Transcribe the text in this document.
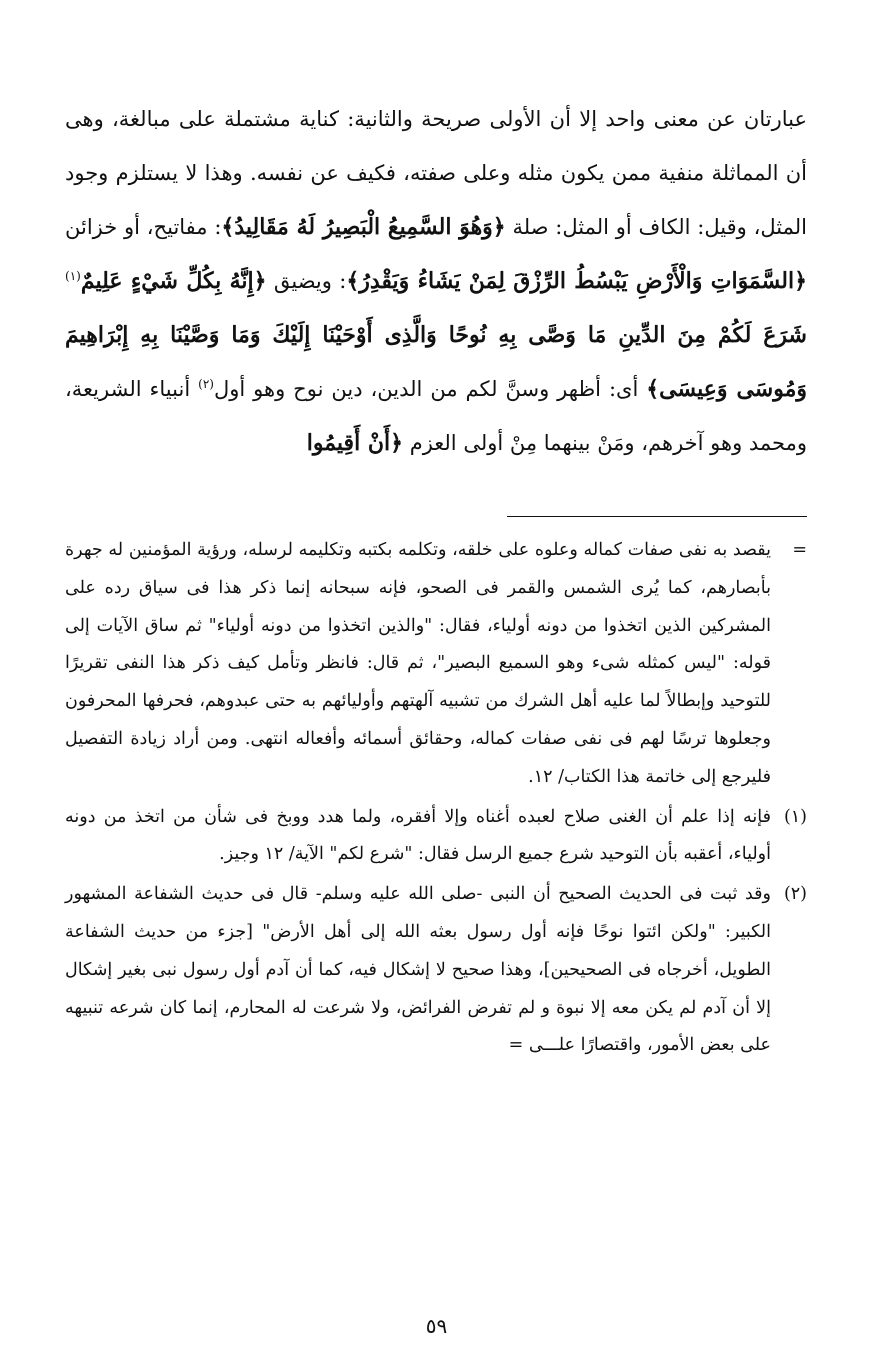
عبارتان عن معنى واحد إلا أن الأولى صريحة والثانية: كناية مشتملة على مبالغة، وهى أن المماثلة منفية ممن يكون مثله وعلى صفته، فكيف عن نفسه. وهذا لا يستلزم وجود المثل، وقيل: الكاف أو المثل: صلة ﴿وَهُوَ السَّمِيعُ الْبَصِيرُ لَهُ مَقَالِيدُ﴾: مفاتيح، أو خزائن ﴿السَّمَوَاتِ وَالْأَرْضِ يَبْسُطُ الرِّزْقَ لِمَنْ يَشَاءُ وَيَقْدِرُ﴾: ويضيق ﴿إِنَّهُ بِكُلِّ شَيْءٍ عَلِيمٌ$^{(١)}$ شَرَعَ لَكُمْ مِنَ الدِّينِ مَا وَصَّى بِهِ نُوحًا وَالَّذِى أَوْحَيْنَا إِلَيْكَ وَمَا وَصَّيْنَا بِهِ إِبْرَاهِيمَ وَمُوسَى وَعِيسَى﴾ أى: أظهر وسنَّ لكم من الدين، دين نوح وهو أول$^{(٢)}$ أنبياء الشريعة، ومحمد وهو آخرهم، ومَنْ بينهما مِنْ أولى العزم ﴿أَنْ أَقِيمُوا

=
يقصد به نفى صفات كماله وعلوه على خلقه، وتكلمه بكتبه وتكليمه لرسله، ورؤية المؤمنين له جهرة بأبصارهم، كما يُرى الشمس والقمر فى الصحو، فإنه سبحانه إنما ذكر هذا فى سياق رده على المشركين الذين اتخذوا من دونه أولياء، فقال: "والذين اتخذوا من دونه أولياء" ثم ساق الآيات إلى قوله: "ليس كمثله شىء وهو السميع البصير"، ثم قال: فانظر وتأمل كيف ذكر هذا النفى تقريرًا للتوحيد وإبطالاً لما عليه أهل الشرك من تشبيه آلهتهم وأوليائهم به حتى عبدوهم، فحرفها المحرفون وجعلوها ترسًا لهم فى نفى صفات كماله، وحقائق أسمائه وأفعاله انتهى. ومن أراد زيادة التفصيل فليرجع إلى خاتمة هذا الكتاب/ ١٢.
(١)
فإنه إذا علم أن الغنى صلاح لعبده أغناه وإلا أفقره، ولما هدد ووبخ فى شأن من اتخذ من دونه أولياء، أعقبه بأن التوحيد شرع جميع الرسل فقال: "شرع لكم" الآية/ ١٢ وجيز.
(٢)
وقد ثبت فى الحديث الصحيح أن النبى -صلى الله عليه وسلم- قال فى حديث الشفاعة المشهور الكبير: "ولكن ائتوا نوحًا فإنه أول رسول بعثه الله إلى أهل الأرض" [جزء من حديث الشفاعة الطويل، أخرجاه فى الصحيحين]، وهذا صحيح لا إشكال فيه، كما أن آدم أول رسول نبى بغير إشكال إلا أن آدم لم يكن معه إلا نبوة و لم تفرض الفرائض، ولا شرعت له المحارم، إنما كان شرعه تنبيهه على بعض الأمور، واقتصارًا علـــى =
٥٩
